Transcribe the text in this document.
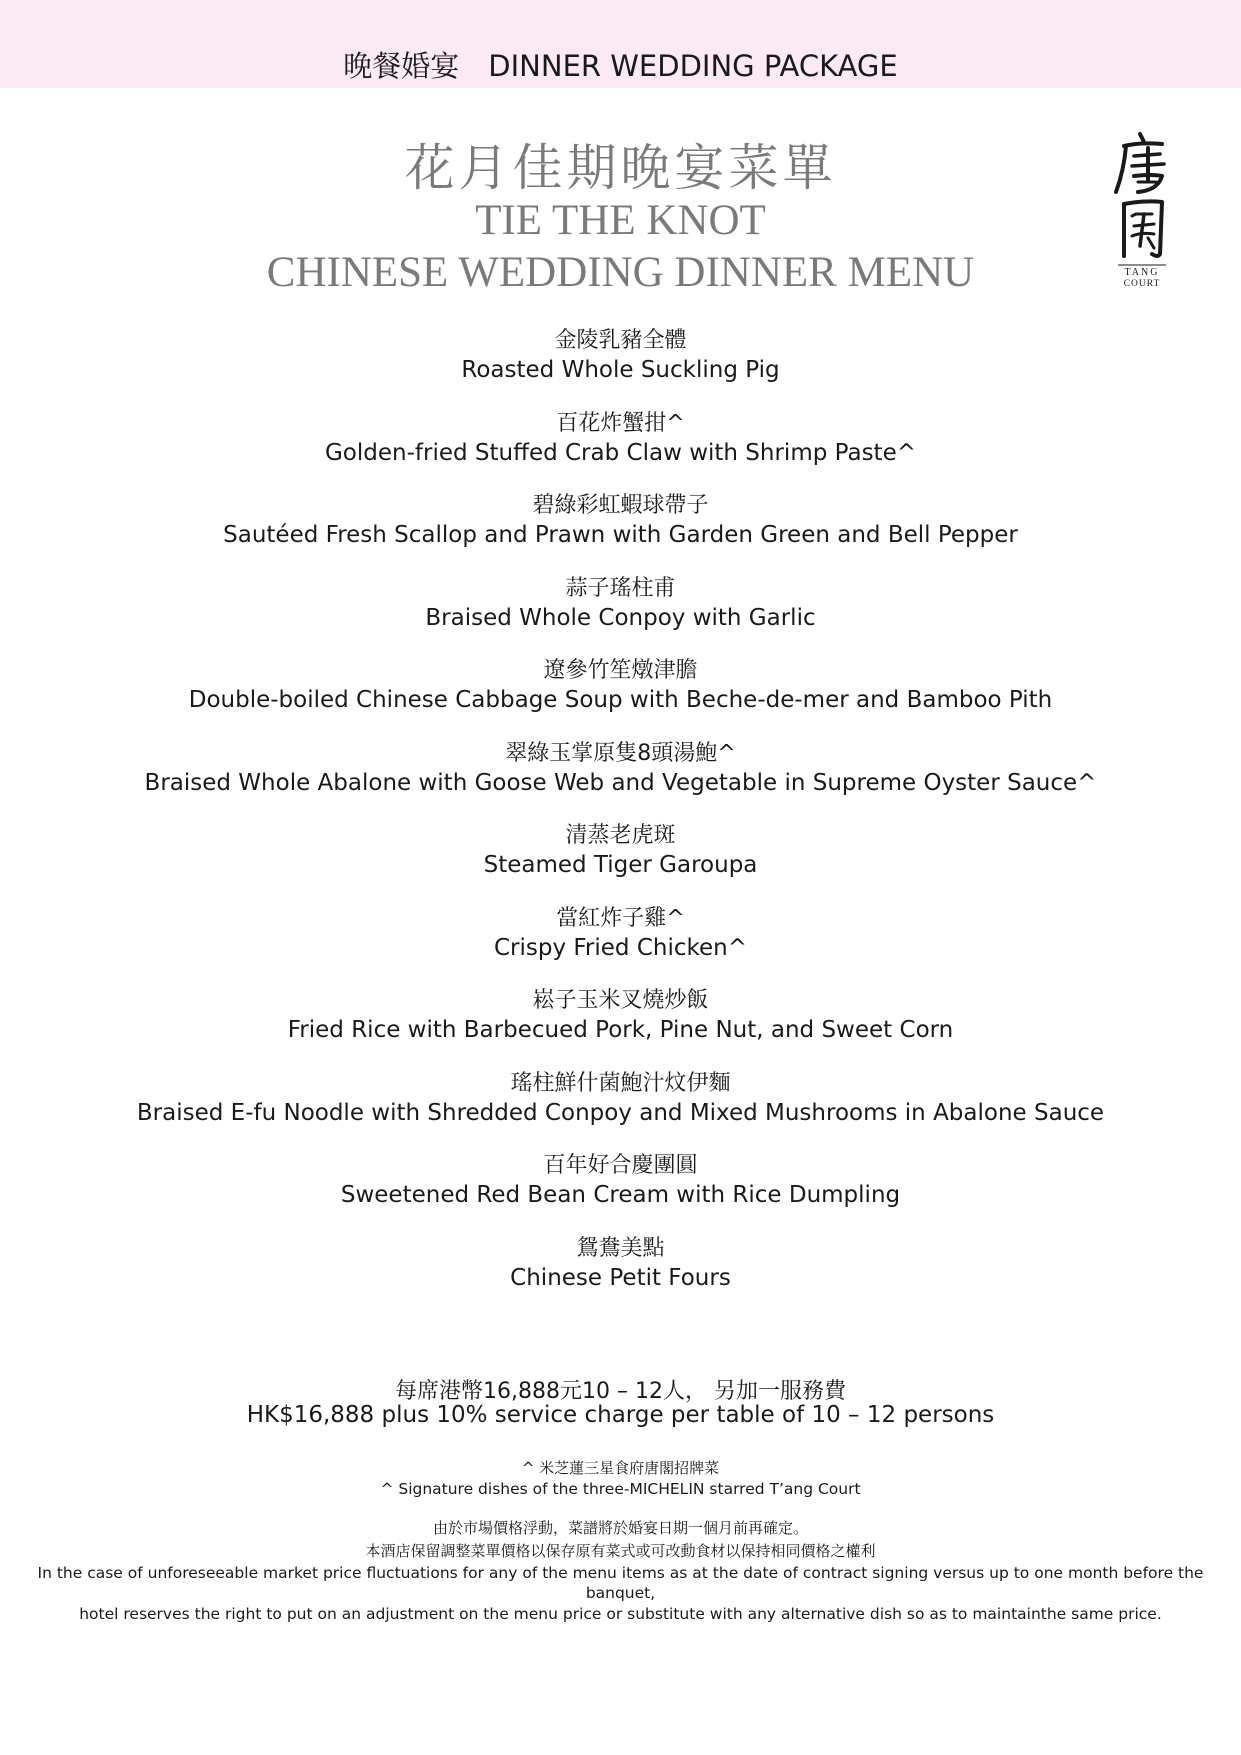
晚餐婚宴　DINNER WEDDING PACKAGE
花月佳期晚宴菜單
TIE THE KNOT
CHINESE WEDDING DINNER MENU	TANG
COURT
金陵乳豬全體
Roasted Whole Suckling Pig
百花炸蟹拑^
Golden-fried Stuffed Crab Claw with Shrimp Paste^
碧綠彩虹蝦球帶子
Sautéed Fresh Scallop and Prawn with Garden Green and Bell Pepper
蒜子瑤柱甫
Braised Whole Conpoy with Garlic
遼參竹笙燉津膽
Double-boiled Chinese Cabbage Soup with Beche-de-mer and Bamboo Pith
翠綠玉掌原隻8頭湯鮑^
Braised Whole Abalone with Goose Web and Vegetable in Supreme Oyster Sauce^
清蒸老虎斑
Steamed Tiger Garoupa
當紅炸子雞^
Crispy Fried Chicken^
崧子玉米叉燒炒飯
Fried Rice with Barbecued Pork, Pine Nut, and Sweet Corn
瑤柱鮮什菌鮑汁炆伊麵
Braised E-fu Noodle with Shredded Conpoy and Mixed Mushrooms in Abalone Sauce
百年好合慶團圓
Sweetened Red Bean Cream with Rice Dumpling
鴛鴦美點
Chinese Petit Fours
每席港幣16,888元10 – 12人， 另加一服務費
HK$16,888 plus 10% service charge per table of 10 – 12 persons
^ 米芝蓮三星食府唐閣招牌菜
^ Signature dishes of the three-MICHELIN starred T’ang Court
由於市場價格浮動，菜譜將於婚宴日期一個月前再確定。
本酒店保留調整菜單價格以保存原有菜式或可改動食材以保持相同價格之權利
In the case of unforeseeable market price fluctuations for any of the menu items as at the date of contract signing versus up to one month before the banquet,
hotel reserves the right to put on an adjustment on the menu price or substitute with any alternative dish so as to maintainthe same price.
